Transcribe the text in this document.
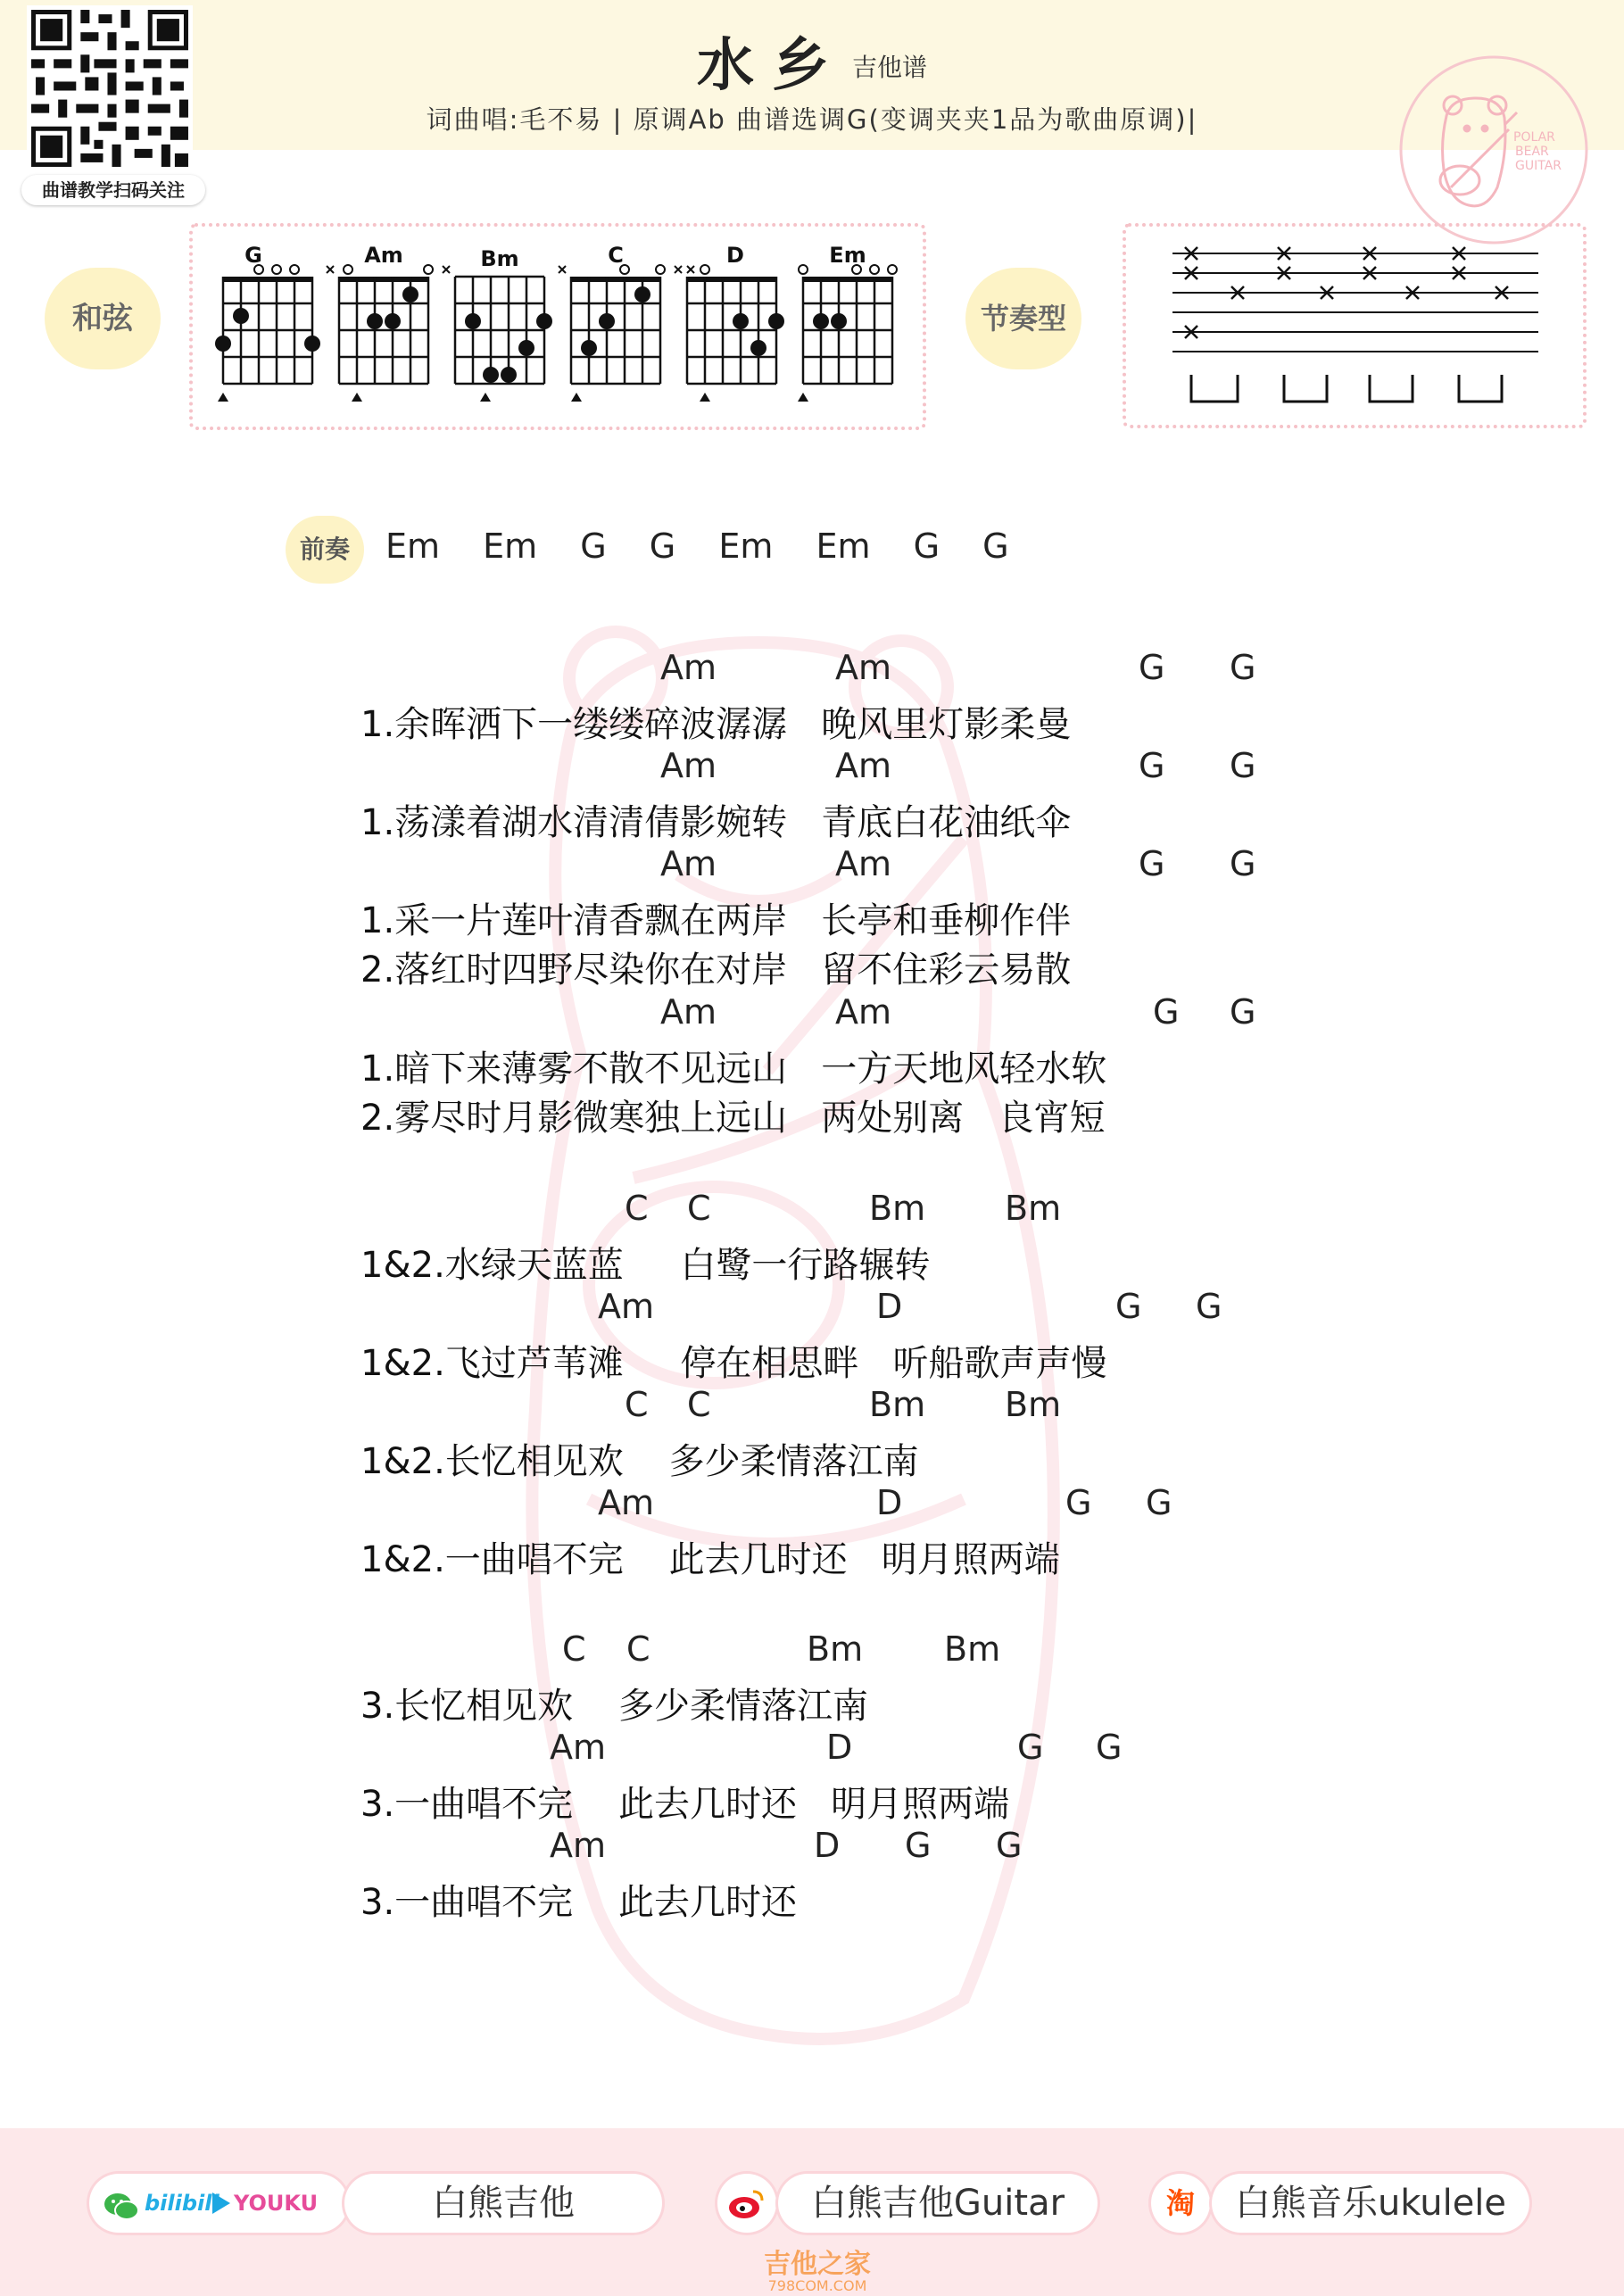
曲谱教学扫码关注
水乡 吉他谱
词曲唱:毛不易 | 原调Ab 曲谱选调G(变调夹夹1品为歌曲原调)|
POLAR
BEAR
GUITAR
和弦
G	Am	Bm	C	D	Em
节奏型
前奏	Em Em G G Em Em G G
Am	Am	G G
1.余晖洒下一缕缕碎波潺潺   晚风里灯影柔曼
Am	Am	G G
1.荡漾着湖水清清倩影婉转   青底白花油纸伞
Am	Am	G G
1.采一片莲叶清香飘在两岸   长亭和垂柳作伴
2.落红时四野尽染你在对岸   留不住彩云易散
Am	Am	G G
1.暗下来薄雾不散不见远山   一方天地风轻水软
2.雾尽时月影微寒独上远山   两处别离   良宵短
C C	Bm Bm
1&2.水绿天蓝蓝     白鹭一行路辗转
Am	D	G G
1&2.飞过芦苇滩     停在相思畔   听船歌声声慢
C C	Bm Bm
1&2.长忆相见欢    多少柔情落江南
Am	D	G G
1&2.一曲唱不完    此去几时还   明月照两端
C C	Bm Bm
3.长忆相见欢    多少柔情落江南
Am	D	G G
3.一曲唱不完    此去几时还   明月照两端
Am	D G G
3.一曲唱不完    此去几时还
bilibili YOUKU	白熊吉他	白熊吉他Guitar	淘	白熊音乐ukulele
吉他之家
798COM.COM
